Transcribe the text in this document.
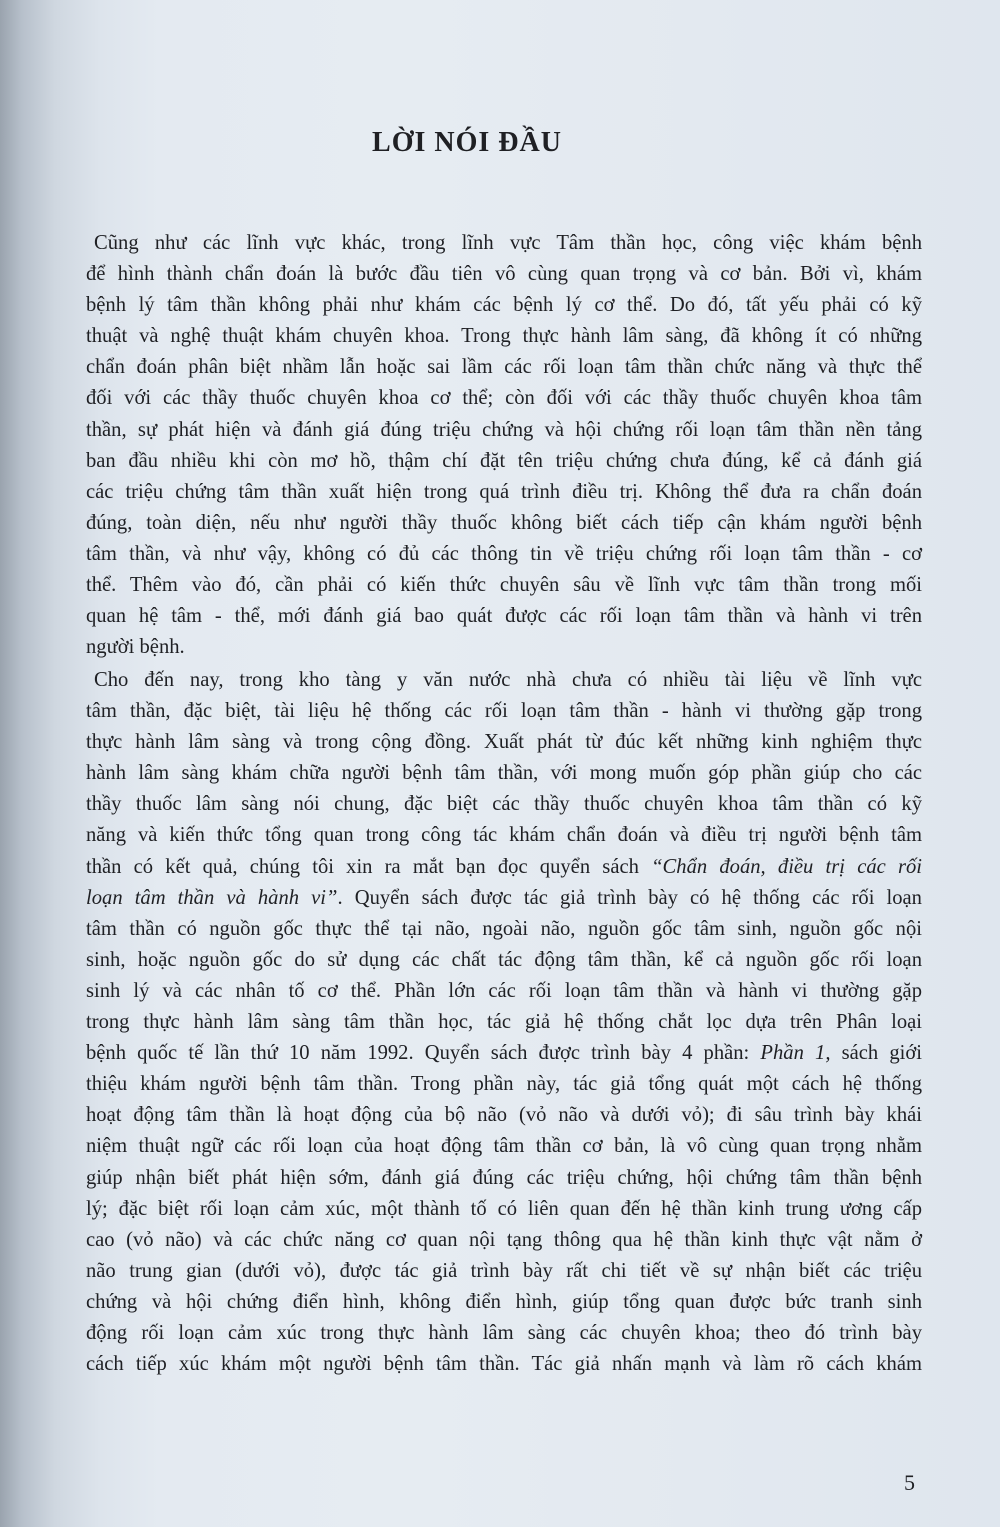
LỜI NÓI ĐẦU
Cũng như các lĩnh vực khác, trong lĩnh vực Tâm thần học, công việc khám bệnh
để hình thành chẩn đoán là bước đầu tiên vô cùng quan trọng và cơ bản. Bởi vì, khám
bệnh lý tâm thần không phải như khám các bệnh lý cơ thể. Do đó, tất yếu phải có kỹ
thuật và nghệ thuật khám chuyên khoa. Trong thực hành lâm sàng, đã không ít có những
chẩn đoán phân biệt nhầm lẫn hoặc sai lầm các rối loạn tâm thần chức năng và thực thể
đối với các thầy thuốc chuyên khoa cơ thể; còn đối với các thầy thuốc chuyên khoa tâm
thần, sự phát hiện và đánh giá đúng triệu chứng và hội chứng rối loạn tâm thần nền tảng
ban đầu nhiều khi còn mơ hồ, thậm chí đặt tên triệu chứng chưa đúng, kể cả đánh giá
các triệu chứng tâm thần xuất hiện trong quá trình điều trị. Không thể đưa ra chẩn đoán
đúng, toàn diện, nếu như người thầy thuốc không biết cách tiếp cận khám người bệnh
tâm thần, và như vậy, không có đủ các thông tin về triệu chứng rối loạn tâm thần - cơ
thể. Thêm vào đó, cần phải có kiến thức chuyên sâu về lĩnh vực tâm thần trong mối
quan hệ tâm - thể, mới đánh giá bao quát được các rối loạn tâm thần và hành vi trên
người bệnh.
Cho đến nay, trong kho tàng y văn nước nhà chưa có nhiều tài liệu về lĩnh vực
tâm thần, đặc biệt, tài liệu hệ thống các rối loạn tâm thần - hành vi thường gặp trong
thực hành lâm sàng và trong cộng đồng. Xuất phát từ đúc kết những kinh nghiệm thực
hành lâm sàng khám chữa người bệnh tâm thần, với mong muốn góp phần giúp cho các
thầy thuốc lâm sàng nói chung, đặc biệt các thầy thuốc chuyên khoa tâm thần có kỹ
năng và kiến thức tổng quan trong công tác khám chẩn đoán và điều trị người bệnh tâm
thần có kết quả, chúng tôi xin ra mắt bạn đọc quyển sách “Chẩn đoán, điều trị các rối
loạn tâm thần và hành vi”. Quyển sách được tác giả trình bày có hệ thống các rối loạn
tâm thần có nguồn gốc thực thể tại não, ngoài não, nguồn gốc tâm sinh, nguồn gốc nội
sinh, hoặc nguồn gốc do sử dụng các chất tác động tâm thần, kể cả nguồn gốc rối loạn
sinh lý và các nhân tố cơ thể. Phần lớn các rối loạn tâm thần và hành vi thường gặp
trong thực hành lâm sàng tâm thần học, tác giả hệ thống chắt lọc dựa trên Phân loại
bệnh quốc tế lần thứ 10 năm 1992. Quyển sách được trình bày 4 phần: Phần 1, sách giới
thiệu khám người bệnh tâm thần. Trong phần này, tác giả tổng quát một cách hệ thống
hoạt động tâm thần là hoạt động của bộ não (vỏ não và dưới vỏ); đi sâu trình bày khái
niệm thuật ngữ các rối loạn của hoạt động tâm thần cơ bản, là vô cùng quan trọng nhằm
giúp nhận biết phát hiện sớm, đánh giá đúng các triệu chứng, hội chứng tâm thần bệnh
lý; đặc biệt rối loạn cảm xúc, một thành tố có liên quan đến hệ thần kinh trung ương cấp
cao (vỏ não) và các chức năng cơ quan nội tạng thông qua hệ thần kinh thực vật nằm ở
não trung gian (dưới vỏ), được tác giả trình bày rất chi tiết về sự nhận biết các triệu
chứng và hội chứng điển hình, không điển hình, giúp tổng quan được bức tranh sinh
động rối loạn cảm xúc trong thực hành lâm sàng các chuyên khoa; theo đó trình bày
cách tiếp xúc khám một người bệnh tâm thần. Tác giả nhấn mạnh và làm rõ cách khám
5
